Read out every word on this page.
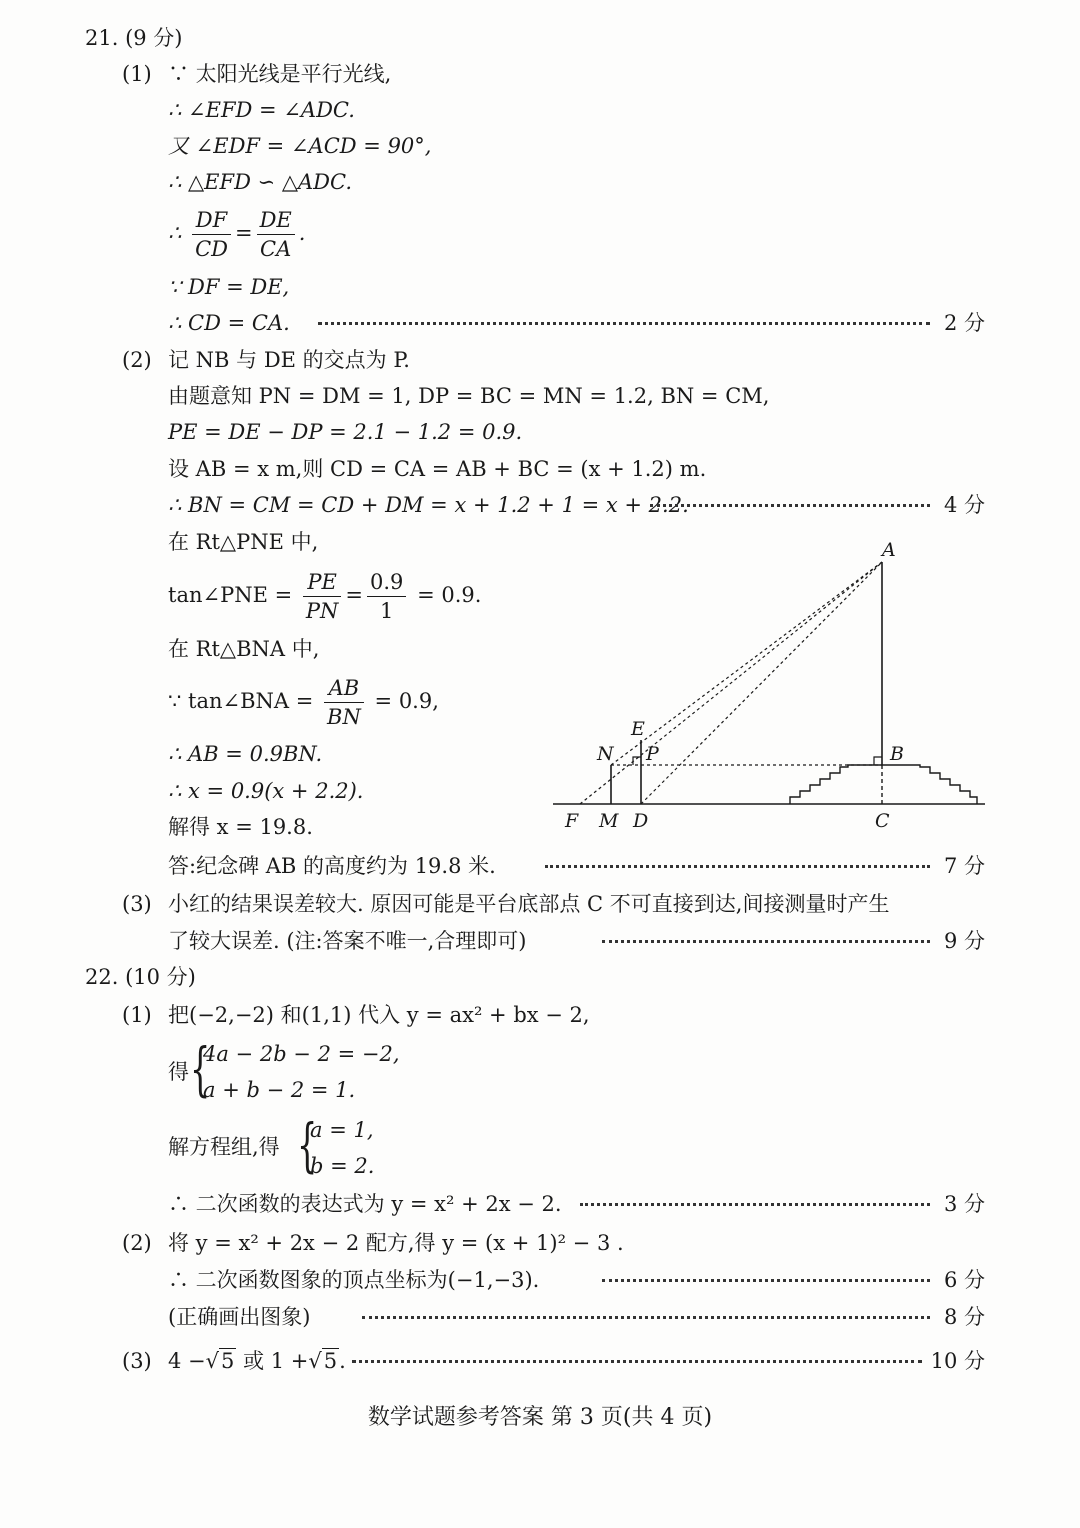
21. (9 分)
(1) ∵ 太阳光线是平行光线,
∴ ∠EFD = ∠ADC.
又 ∠EDF = ∠ACD = 90°,
∴ △EFD ∽ △ADC.
∴ $\frac{DF}{CD} = \frac{DE}{CA}$ .
∵ DF = DE,
∴ CD = CA.	2 分
(2) 记 NB 与 DE 的交点为 P.
由题意知 PN = DM = 1, DP = BC = MN = 1.2, BN = CM,
PE = DE − DP = 2.1 − 1.2 = 0.9.
设 AB = x m,则 CD = CA = AB + BC = (x + 1.2) m.
∴ BN = CM = CD + DM = x + 1.2 + 1 = x + 2.2.	4 分
在 Rt△PNE 中,
tan∠PNE = $\frac{PE}{PN} = \frac{0.9}{1} = 0.9$.
在 Rt△BNA 中,
∵ tan∠BNA = $\frac{AB}{BN} = 0.9$,
∴ AB = 0.9BN.
∴ x = 0.9(x + 2.2).
解得 x = 19.8.
答:纪念碑 AB 的高度约为 19.8 米.	7 分
A
B
C
D
E
F M
N P
(3) 小红的结果误差较大. 原因可能是平台底部点 C 不可直接到达,间接测量时产生
了较大误差. (注:答案不唯一,合理即可)	9 分
22. (10 分)
(1) 把(−2,−2) 和(1,1) 代入 y = ax² + bx − 2,
得 {
4a − 2b − 2 = −2,
a + b − 2 = 1.
解方程组,得 {
a = 1,
b = 2.
∴ 二次函数的表达式为 y = x² + 2x − 2.	3 分
(2) 将 y = x² + 2x − 2 配方,得 y = (x + 1)² − 3 .
∴ 二次函数图象的顶点坐标为(−1,−3).	6 分
(正确画出图象)	8 分
(3) 4 −√5 或 1 +√5.	10 分
数学试题参考答案 第 3 页(共 4 页)
